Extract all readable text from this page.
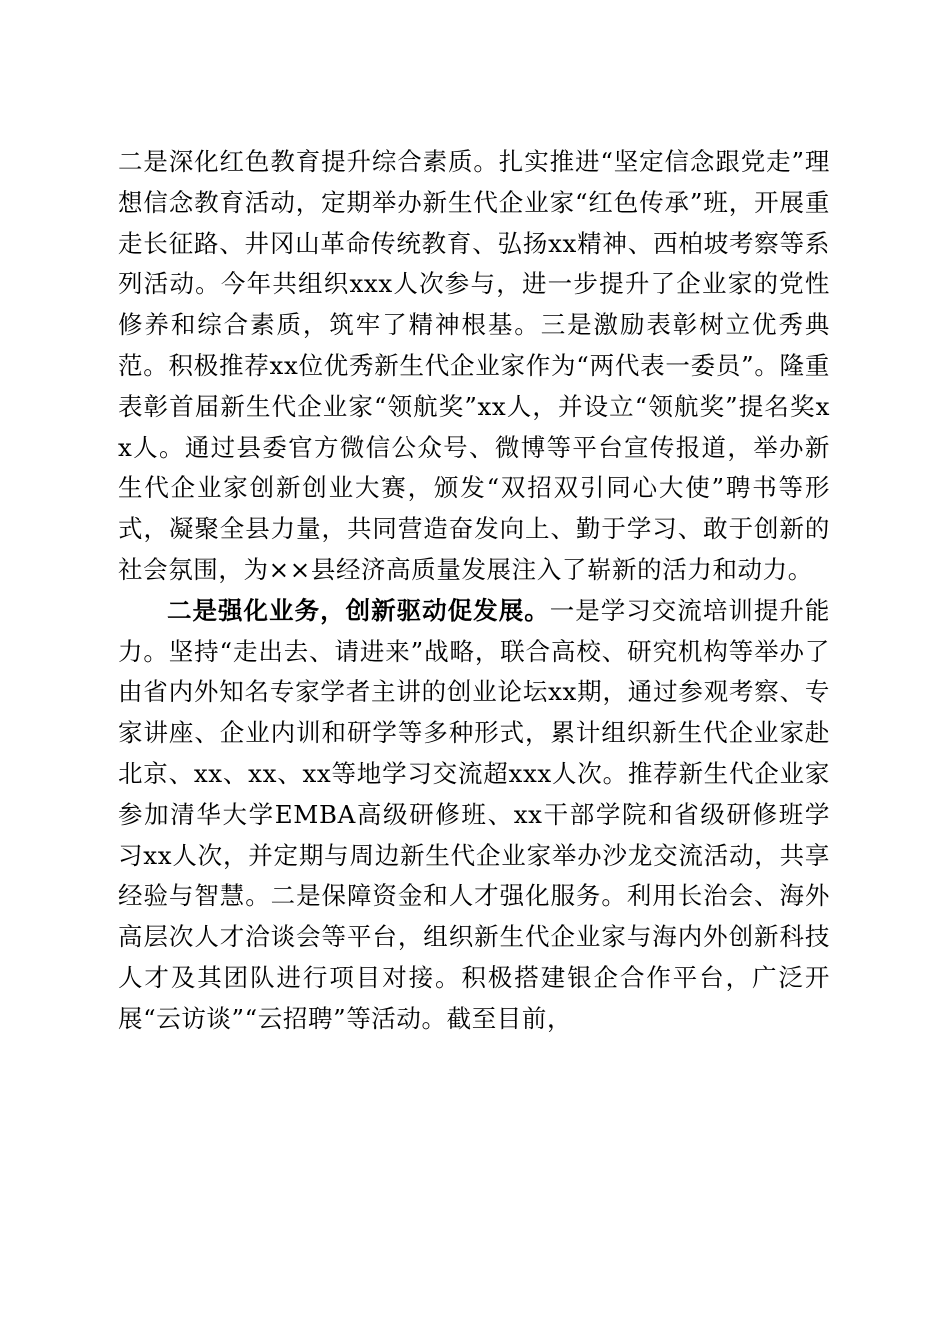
二是深化红色教育提升综合素质。扎实推进“坚定信念跟党走”理想信念教育活动，定期举办新生代企业家“红色传承”班，开展重走长征路、井冈山革命传统教育、弘扬xx精神、西柏坡考察等系列活动。今年共组织xxx人次参与，进一步提升了企业家的党性修养和综合素质，筑牢了精神根基。三是激励表彰树立优秀典范。积极推荐xx位优秀新生代企业家作为“两代表一委员”。隆重表彰首届新生代企业家“领航奖”xx人，并设立“领航奖”提名奖xx人。通过县委官方微信公众号、微博等平台宣传报道，举办新生代企业家创新创业大赛，颁发“双招双引同心大使”聘书等形式，凝聚全县力量，共同营造奋发向上、勤于学习、敢于创新的社会氛围，为××县经济高质量发展注入了崭新的活力和动力。

二是强化业务，创新驱动促发展。一是学习交流培训提升能力。坚持“走出去、请进来”战略，联合高校、研究机构等举办了由省内外知名专家学者主讲的创业论坛xx期，通过参观考察、专家讲座、企业内训和研学等多种形式，累计组织新生代企业家赴北京、xx、xx、xx等地学习交流超xxx人次。推荐新生代企业家参加清华大学EMBA高级研修班、xx干部学院和省级研修班学习xx人次，并定期与周边新生代企业家举办沙龙交流活动，共享经验与智慧。二是保障资金和人才强化服务。利用长治会、海外高层次人才洽谈会等平台，组织新生代企业家与海内外创新科技人才及其团队进行项目对接。积极搭建银企合作平台，广泛开展“云访谈”“云招聘”等活动。截至目前，
